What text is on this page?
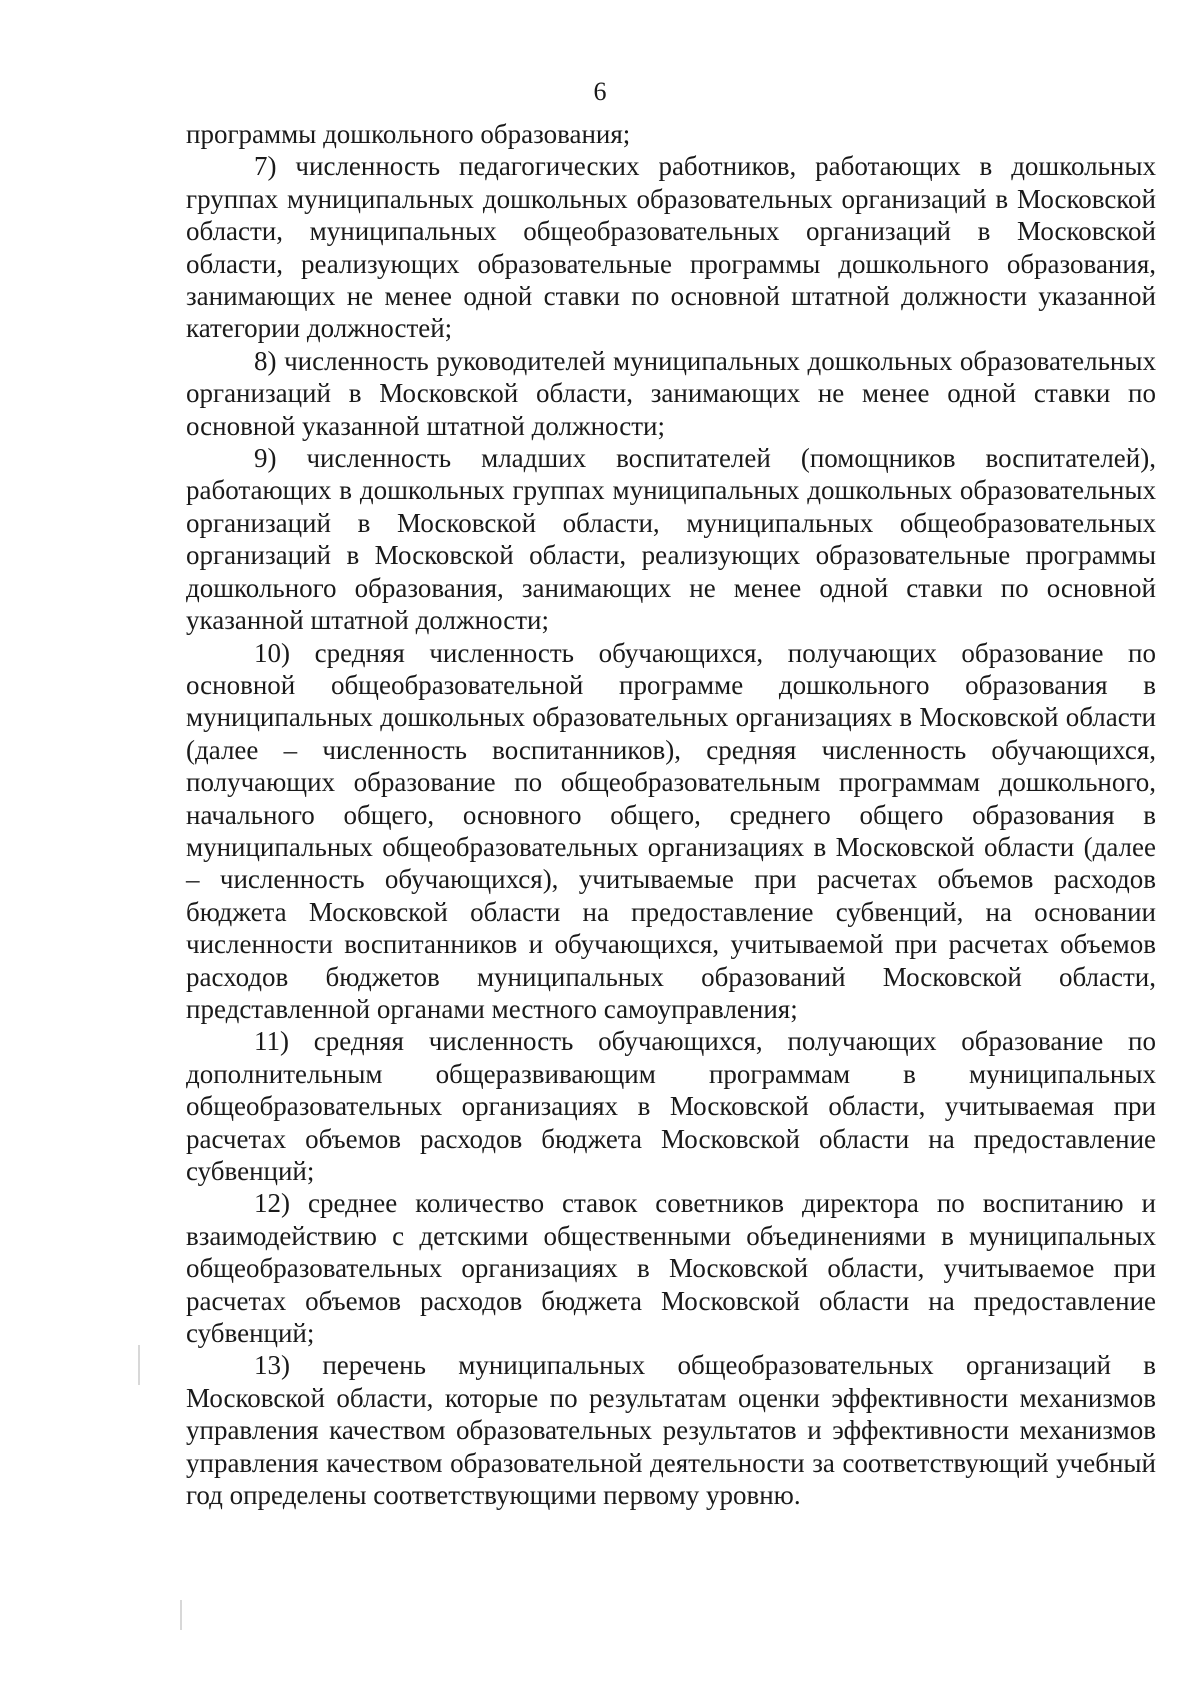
6

программы дошкольного образования;

7) численность педагогических работников, работающих в дошкольных группах муниципальных дошкольных образовательных организаций в Московской области, муниципальных общеобразовательных организаций в Московской области, реализующих образовательные программы дошкольного образования, занимающих не менее одной ставки по основной штатной должности указанной категории должностей;

8) численность руководителей муниципальных дошкольных образовательных организаций в Московской области, занимающих не менее одной ставки по основной указанной штатной должности;

9) численность младших воспитателей (помощников воспитателей), работающих в дошкольных группах муниципальных дошкольных образовательных организаций в Московской области, муниципальных общеобразовательных организаций в Московской области, реализующих образовательные программы дошкольного образования, занимающих не менее одной ставки по основной указанной штатной должности;

10) средняя численность обучающихся, получающих образование по основной общеобразовательной программе дошкольного образования в муниципальных дошкольных образовательных организациях в Московской области (далее – численность воспитанников), средняя численность обучающихся, получающих образование по общеобразовательным программам дошкольного, начального общего, основного общего, среднего общего образования в муниципальных общеобразовательных организациях в Московской области (далее – численность обучающихся), учитываемые при расчетах объемов расходов бюджета Московской области на предоставление субвенций, на основании численности воспитанников и обучающихся, учитываемой при расчетах объемов расходов бюджетов муниципальных образований Московской области, представленной органами местного самоуправления;

11) средняя численность обучающихся, получающих образование по дополнительным общеразвивающим программам в муниципальных общеобразовательных организациях в Московской области, учитываемая при расчетах объемов расходов бюджета Московской области на предоставление субвенций;

12) среднее количество ставок советников директора по воспитанию и взаимодействию с детскими общественными объединениями в муниципальных общеобразовательных организациях в Московской области, учитываемое при расчетах объемов расходов бюджета Московской области на предоставление субвенций;

13) перечень муниципальных общеобразовательных организаций в Московской области, которые по результатам оценки эффективности механизмов управления качеством образовательных результатов и эффективности механизмов управления качеством образовательной деятельности за соответствующий учебный год определены соответствующими первому уровню.
